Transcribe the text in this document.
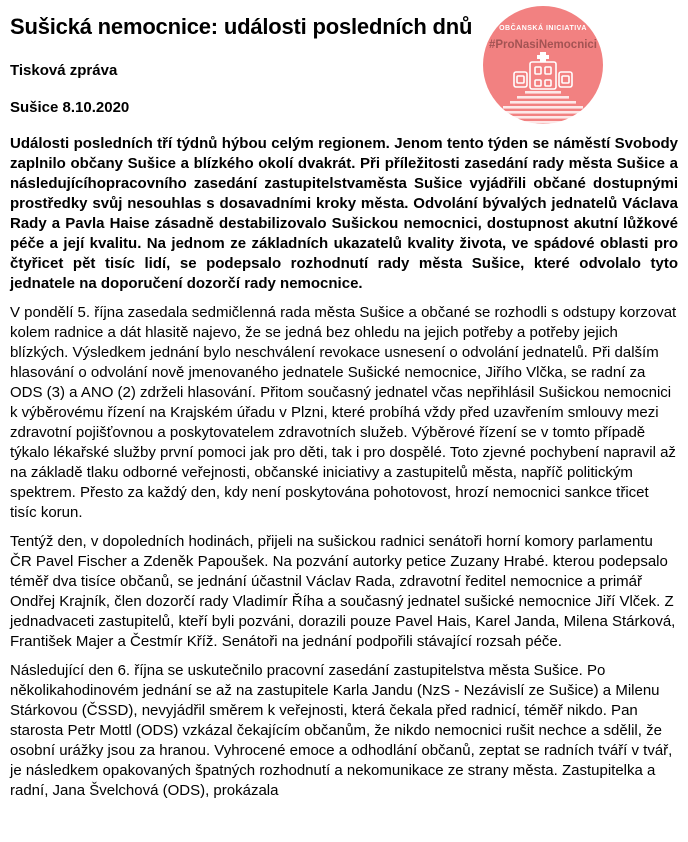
OBČANSKÁ INICIATIVA
#ProNasiNemocnici
Sušická nemocnice: události posledních dnů
Tisková zpráva
Sušice 8.10.2020

Události posledních tří týdnů hýbou celým regionem. Jenom tento týden se náměstí Svobody zaplnilo občany Sušice a blízkého okolí dvakrát. Při příležitosti zasedání rady města Sušice a následujícíhopracovního zasedání zastupitelstvaměsta Sušice vyjádřili občané dostupnými prostředky svůj nesouhlas s dosavadními kroky města. Odvolání bývalých jednatelů Václava Rady a Pavla Haise zásadně destabilizovalo Sušickou nemocnici, dostupnost akutní lůžkové péče a její kvalitu. Na jednom ze základních ukazatelů kvality života, ve spádové oblasti pro čtyřicet pět tisíc lidí, se podepsalo rozhodnutí rady města Sušice, které odvolalo tyto jednatele na doporučení dozorčí rady nemocnice.

V pondělí 5. října zasedala sedmičlenná rada města Sušice a občané se rozhodli s odstupy korzovat kolem radnice a dát hlasitě najevo, že se jedná bez ohledu na jejich potřeby a potřeby jejich blízkých. Výsledkem jednání bylo neschválení revokace usnesení o odvolání jednatelů. Při dalším hlasování o odvolání nově jmenovaného jednatele Sušické nemocnice, Jiřího Vlčka, se radní za ODS (3) a ANO (2) zdrželi hlasování. Přitom současný jednatel včas nepřihlásil Sušickou nemocnici k výběrovému řízení na Krajském úřadu v Plzni, které probíhá vždy před uzavřením smlouvy mezi zdravotní pojišťovnou a poskytovatelem zdravotních služeb. Výběrové řízení se v tomto případě týkalo lékařské služby první pomoci jak pro děti, tak i pro dospělé. Toto zjevné pochybení napravil až na základě tlaku odborné veřejnosti, občanské iniciativy a zastupitelů města, napříč politickým spektrem. Přesto za každý den, kdy není poskytována pohotovost, hrozí nemocnici sankce třicet tisíc korun.

Tentýž den, v dopoledních hodinách, přijeli na sušickou radnici senátoři horní komory parlamentu ČR Pavel Fischer a Zdeněk Papoušek. Na pozvání autorky petice Zuzany Hrabé. kterou podepsalo téměř dva tisíce občanů, se jednání účastnil Václav Rada, zdravotní ředitel nemocnice a primář Ondřej Krajník, člen dozorčí rady Vladimír Říha a současný jednatel sušické nemocnice Jiří Vlček. Z jednadvaceti zastupitelů, kteří byli pozváni, dorazili pouze Pavel Hais, Karel Janda, Milena Stárková, František Majer a Čestmír Kříž. Senátoři na jednání podpořili stávající rozsah péče.

Následující den 6. října se uskutečnilo pracovní zasedání zastupitelstva města Sušice. Po několikahodinovém jednání se až na zastupitele Karla Jandu (NzS - Nezávislí ze Sušice) a Milenu Stárkovou (ČSSD), nevyjádřil směrem k veřejnosti, která čekala před radnicí, téměř nikdo. Pan starosta Petr Mottl (ODS) vzkázal čekajícím občanům, že nikdo nemocnici rušit nechce a sdělil, že osobní urážky jsou za hranou. Vyhrocené emoce a odhodlání občanů, zeptat se radních tváří v tvář, je následkem opakovaných špatných rozhodnutí a nekomunikace ze strany města. Zastupitelka a radní, Jana Švelchová (ODS), prokázala
